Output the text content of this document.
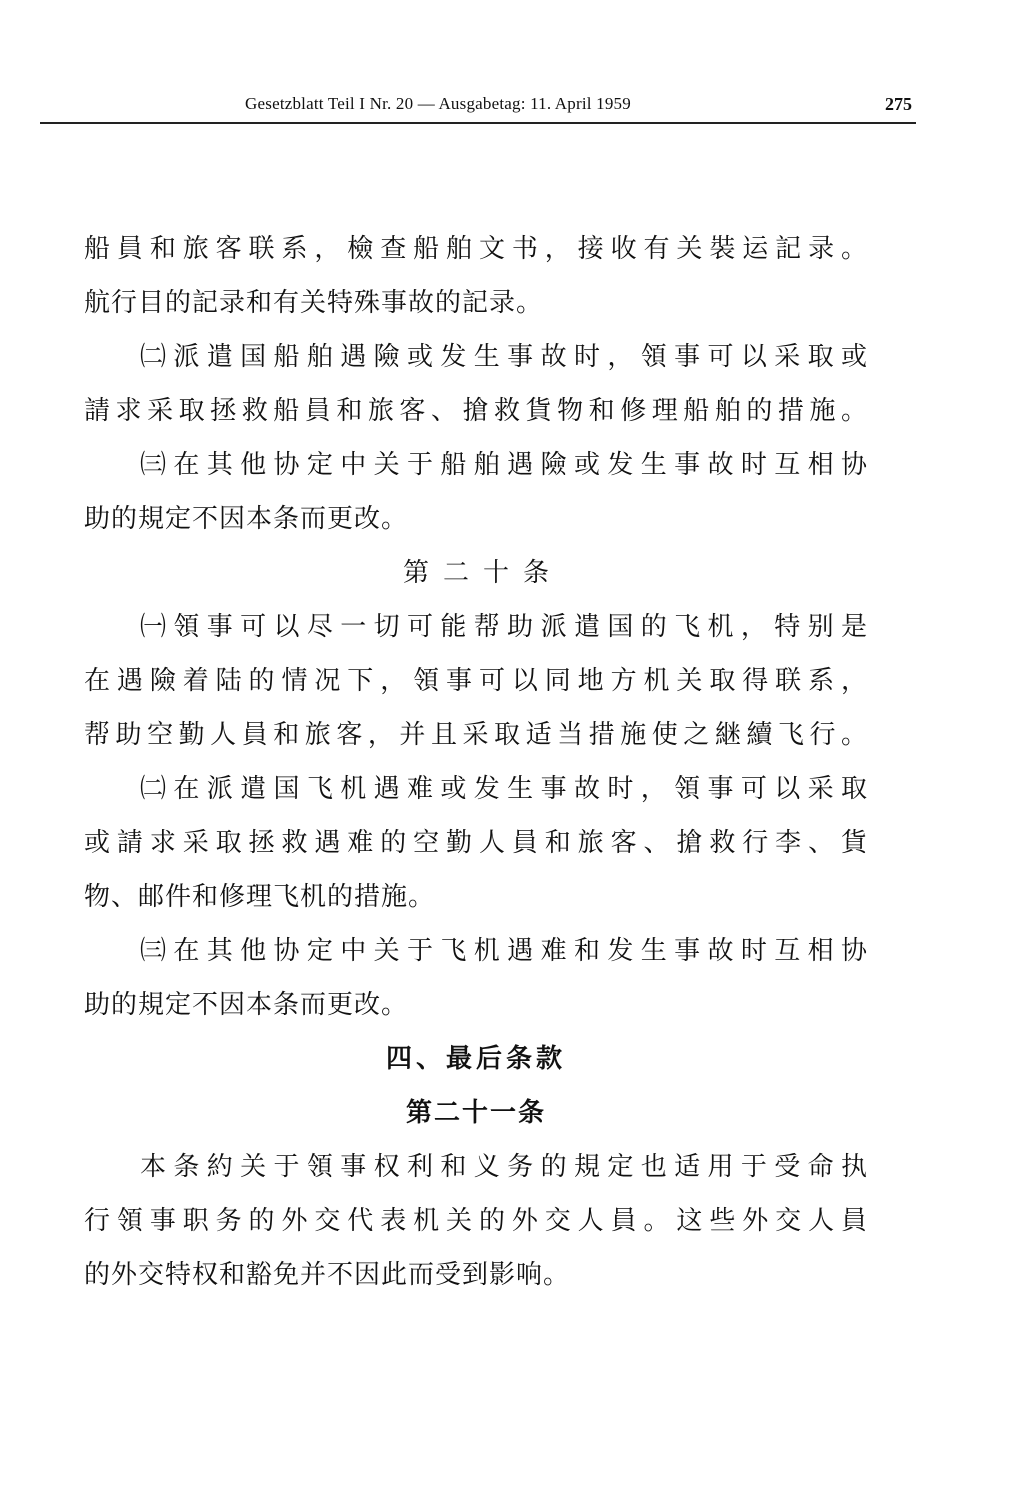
Gesetzblatt Teil I Nr. 20 — Ausgabetag: 11. April 1959	275
船員和旅客联系，檢查船舶文书，接收有关裝运記录。
航行目的記录和有关特殊事故的記录。
㈡派遣国船舶遇險或发生事故时，領事可以采取或
請求采取拯救船員和旅客、搶救貨物和修理船舶的措施。
㈢在其他协定中关于船舶遇險或发生事故时互相协
助的規定不因本条而更改。
第二十条
㈠領事可以尽一切可能帮助派遣国的飞机，特别是
在遇險着陆的情况下，領事可以同地方机关取得联系，
帮助空勤人員和旅客，并且采取适当措施使之継續飞行。
㈡在派遣国飞机遇难或发生事故时，領事可以采取
或請求采取拯救遇难的空勤人員和旅客、搶救行李、貨
物、邮件和修理飞机的措施。
㈢在其他协定中关于飞机遇难和发生事故时互相协
助的規定不因本条而更改。
四、最后条款
第二十一条
本条約关于領事权利和义务的規定也适用于受命执
行領事职务的外交代表机关的外交人員。这些外交人員
的外交特权和豁免并不因此而受到影响。
